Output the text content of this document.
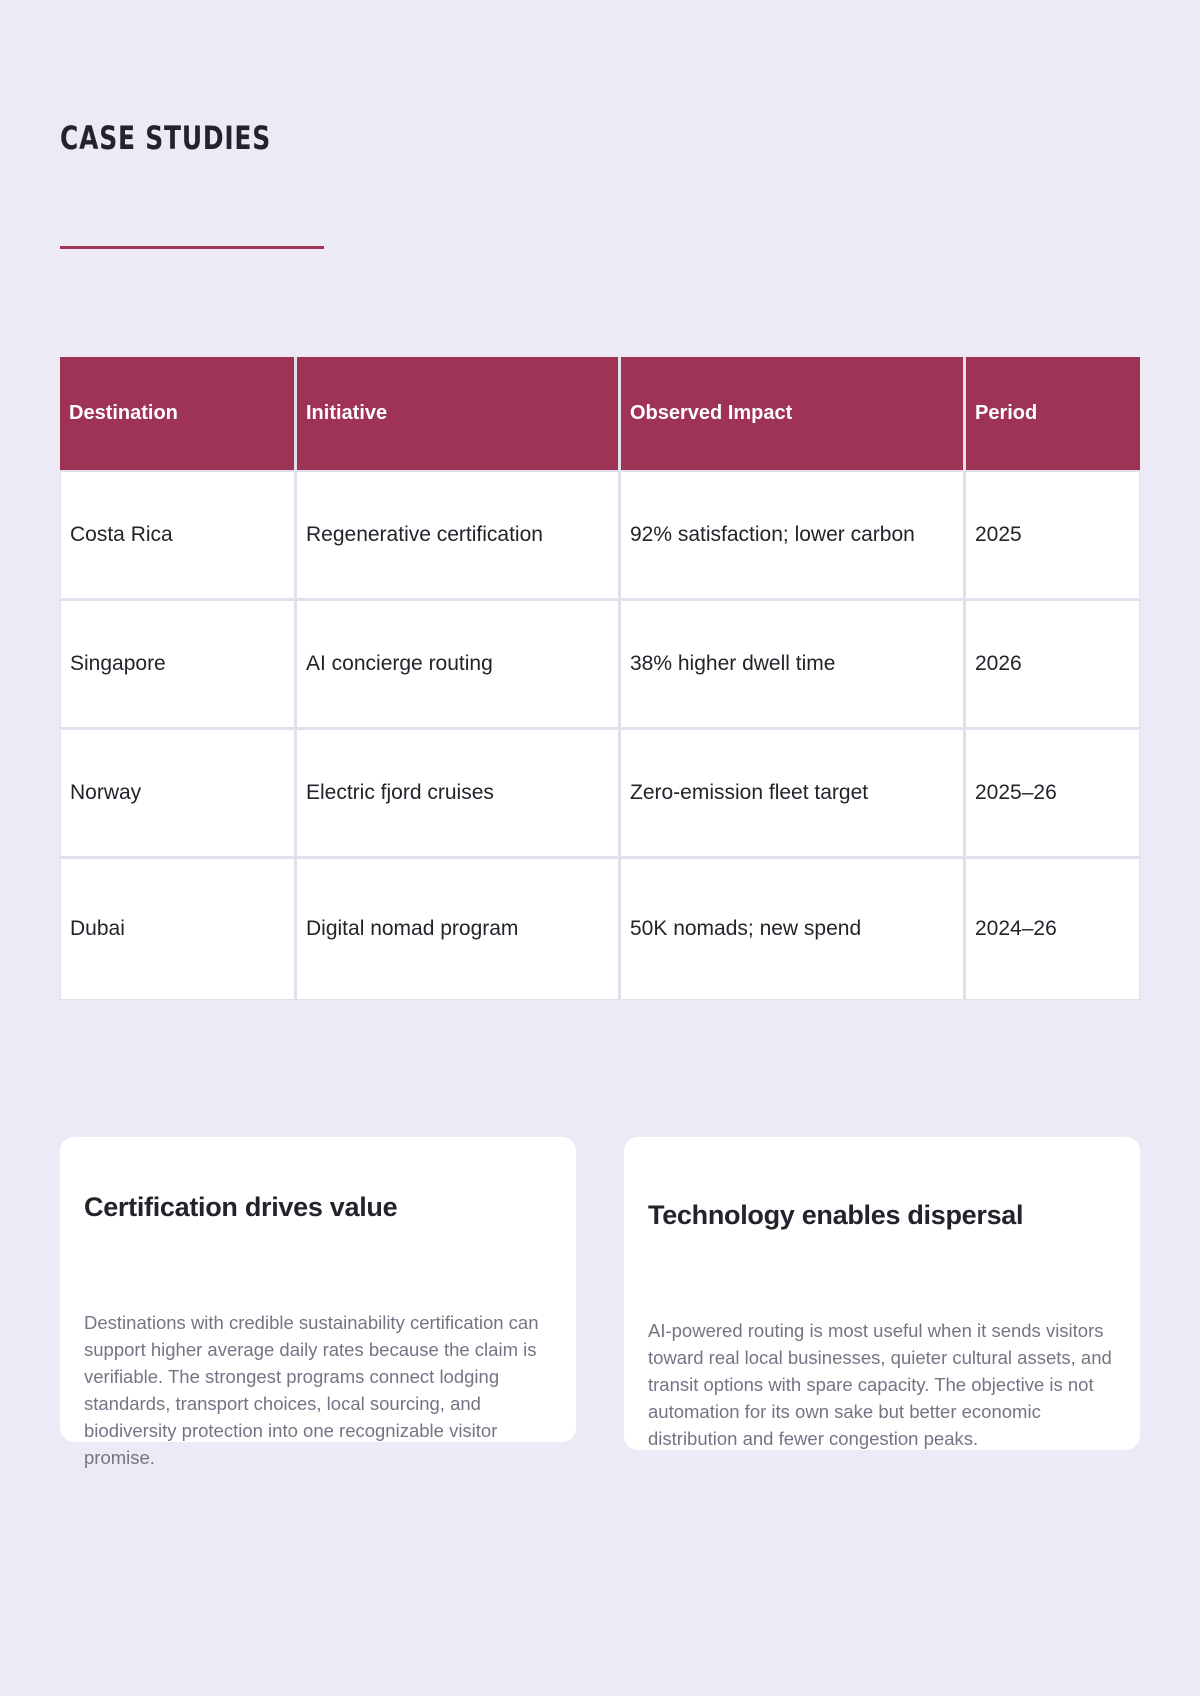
CASE STUDIES
Destination	Initiative	Observed Impact	Period
Costa Rica	Regenerative certification	92% satisfaction; lower carbon	2025
Singapore	AI concierge routing	38% higher dwell time	2026
Norway	Electric fjord cruises	Zero-emission fleet target	2025–26
Dubai	Digital nomad program	50K nomads; new spend	2024–26
Certification drives value

Destinations with credible sustainability certification can support higher average daily rates because the claim is verifiable. The strongest programs connect lodging standards, transport choices, local sourcing, and biodiversity protection into one recognizable visitor promise.

Technology enables dispersal

AI-powered routing is most useful when it sends visitors toward real local businesses, quieter cultural assets, and transit options with spare capacity. The objective is not automation for its own sake but better economic distribution and fewer congestion peaks.
